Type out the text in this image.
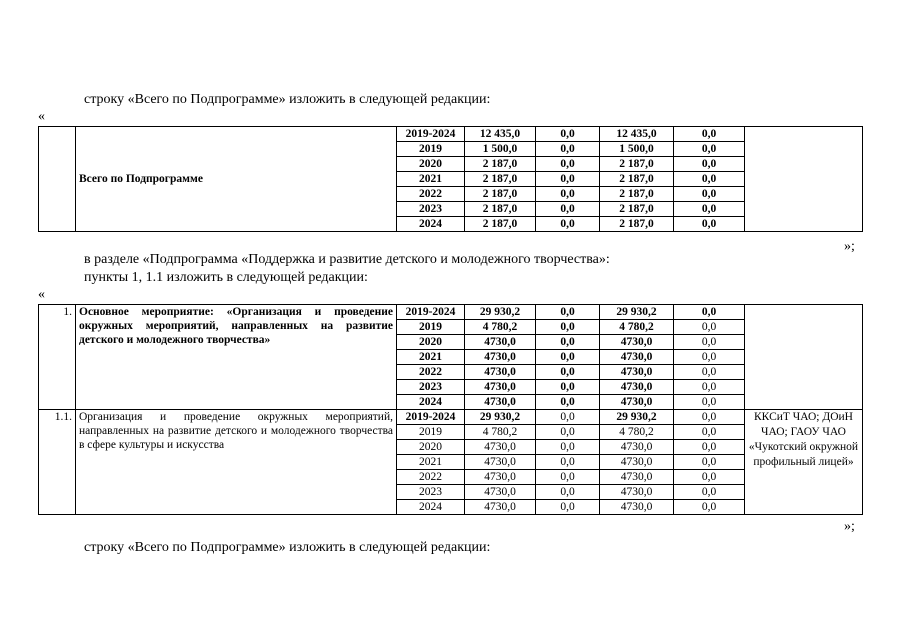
строку «Всего по Подпрограмме» изложить в следующей редакции:
«
	Всего по Подпрограмме	2019-2024	12 435,0	0,0	12 435,0	0,0	
		2019	1 500,0	0,0	1 500,0	0,0	
		2020	2 187,0	0,0	2 187,0	0,0	
		2021	2 187,0	0,0	2 187,0	0,0	
		2022	2 187,0	0,0	2 187,0	0,0	
		2023	2 187,0	0,0	2 187,0	0,0	
		2024	2 187,0	0,0	2 187,0	0,0	
»;
в разделе «Подпрограмма «Поддержка и развитие детского и молодежного творчества»:
пункты 1, 1.1 изложить в следующей редакции:
«
1.	Основное мероприятие: «Организация и проведение окружных мероприятий, направленных на развитие детского и молодежного творчества»	2019-2024	29 930,2	0,0	29 930,2	0,0	
		2019	4 780,2	0,0	4 780,2	0,0	
		2020	4730,0	0,0	4730,0	0,0	
		2021	4730,0	0,0	4730,0	0,0	
		2022	4730,0	0,0	4730,0	0,0	
		2023	4730,0	0,0	4730,0	0,0	
		2024	4730,0	0,0	4730,0	0,0	
1.1.	Организация и проведение окружных мероприятий, направленных на развитие детского и молодежного творчества в сфере культуры и искусства	2019-2024	29 930,2	0,0	29 930,2	0,0	ККСиТ ЧАО; ДОиН ЧАО; ГАОУ ЧАО «Чукотский окружной профильный лицей»
		2019	4 780,2	0,0	4 780,2	0,0	
		2020	4730,0	0,0	4730,0	0,0	
		2021	4730,0	0,0	4730,0	0,0	
		2022	4730,0	0,0	4730,0	0,0	
		2023	4730,0	0,0	4730,0	0,0	
		2024	4730,0	0,0	4730,0	0,0	
»;
строку «Всего по Подпрограмме» изложить в следующей редакции:
